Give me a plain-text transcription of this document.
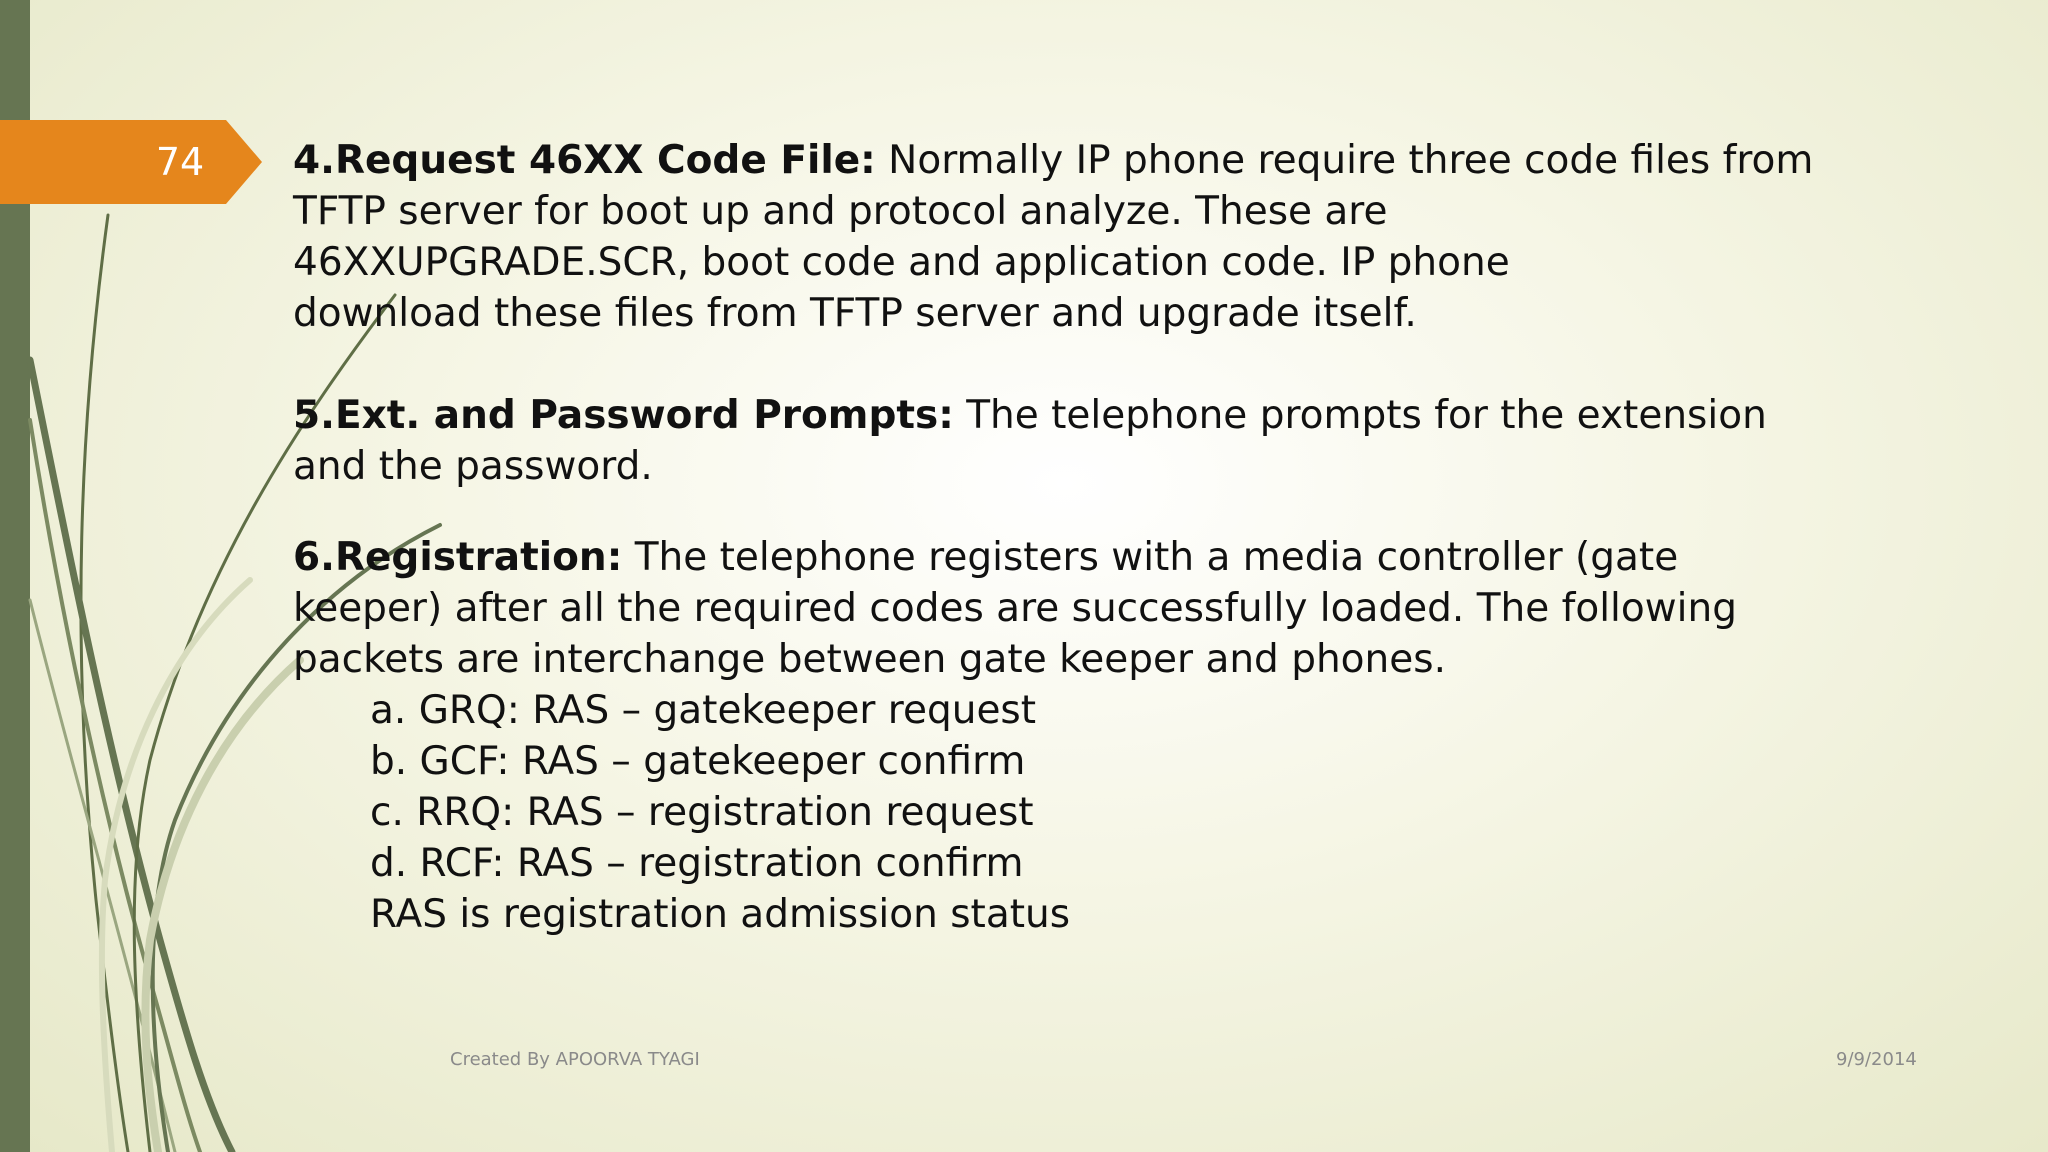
74 4.Request 46XX Code File: Normally IP phone require three code files from
TFTP server for boot up and protocol analyze. These are
46XXUPGRADE.SCR, boot code and application code. IP phone
download these files from TFTP server and upgrade itself.
5.Ext. and Password Prompts: The telephone prompts for the extension
and the password.
6.Registration: The telephone registers with a media controller (gate
keeper) after all the required codes are successfully loaded. The following
packets are interchange between gate keeper and phones.
a. GRQ: RAS – gatekeeper request
b. GCF: RAS – gatekeeper confirm
c. RRQ: RAS – registration request
d. RCF: RAS – registration confirm
RAS is registration admission status
Created By APOORVA TYAGI	9/9/2014
